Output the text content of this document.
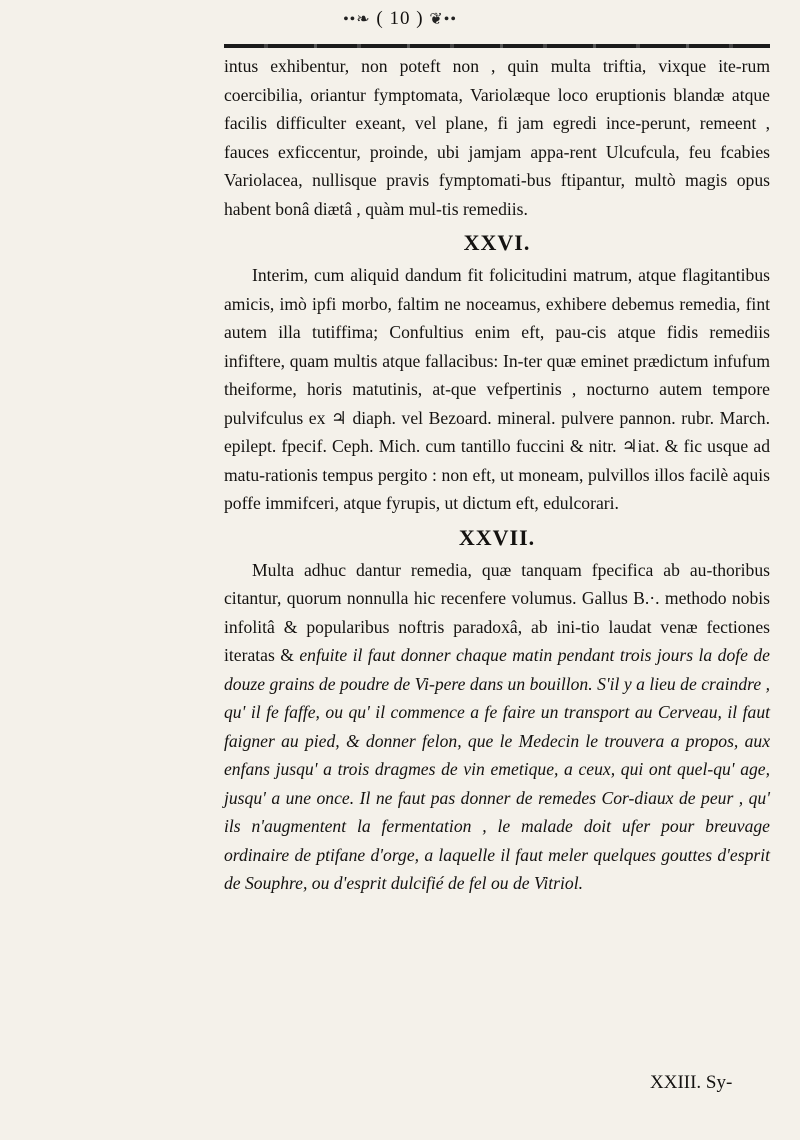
••❧ ( 10 ) ❦••

intus exhibentur, non poteft non , quin multa triftia, vixque ite-rum coercibilia, oriantur fymptomata, Variolæque loco eruptionis blandæ atque facilis difficulter exeant, vel plane, fi jam egredi ince-perunt, remeent , fauces exficcentur, proinde, ubi jamjam appa-rent Ulcufcula, feu fcabies Variolacea, nullisque pravis fymptomati-bus ftipantur, multò magis opus habent bonâ diætâ , quàm mul-tis remediis.

XXVI.

Interim, cum aliquid dandum fit folicitudini matrum, atque flagitantibus amicis, imò ipfi morbo, faltim ne noceamus, exhibere debemus remedia, fint autem illa tutiffima; Confultius enim eft, pau-cis atque fidis remediis infiftere, quam multis atque fallacibus: In-ter quæ eminet prædictum infufum theiforme, horis matutinis, at-que vefpertinis , nocturno autem tempore pulvifculus ex ♃ diaph. vel Bezoard. mineral. pulvere pannon. rubr. March. epilept. fpecif. Ceph. Mich. cum tantillo fuccini & nitr. ♃iat. & fic usque ad matu-rationis tempus pergito : non eft, ut moneam, pulvillos illos facilè aquis poffe immifceri, atque fyrupis, ut dictum eft, edulcorari.

XXVII.

Multa adhuc dantur remedia, quæ tanquam fpecifica ab au-thoribus citantur, quorum nonnulla hic recenfere volumus. Gallus B.·. methodo nobis infolitâ & popularibus noftris paradoxâ, ab ini-tio laudat venæ fectiones iteratas & enfuite il faut donner chaque matin pendant trois jours la dofe de douze grains de poudre de Vi-pere dans un bouillon. S'il y a lieu de craindre , qu' il fe faffe, ou qu' il commence a fe faire un transport au Cerveau, il faut faigner au pied, & donner felon, que le Medecin le trouvera a propos, aux enfans jusqu' a trois dragmes de vin emetique, a ceux, qui ont quel-qu' age, jusqu' a une once. Il ne faut pas donner de remedes Cor-diaux de peur , qu' ils n'augmentent la fermentation , le malade doit ufer pour breuvage ordinaire de ptifane d'orge, a laquelle il faut meler quelques gouttes d'esprit de Souphre, ou d'esprit dulcifié de fel ou de Vitriol.

XXIII. Sy-
